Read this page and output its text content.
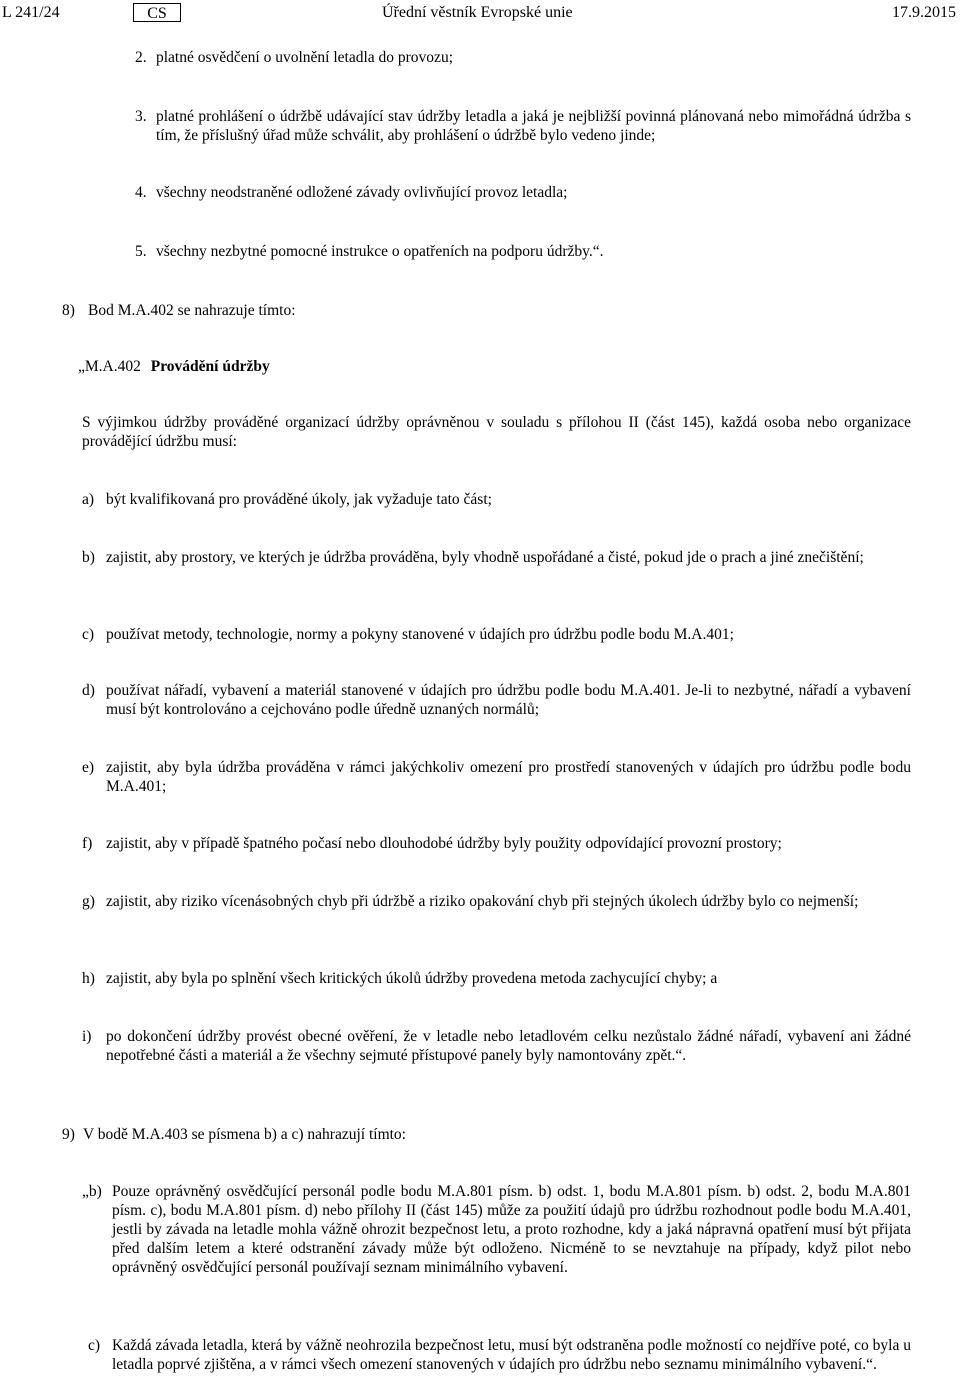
L 241/24	CS	Úřední věstník Evropské unie	17.9.2015
2. platné osvědčení o uvolnění letadla do provozu;
3. platné prohlášení o údržbě udávající stav údržby letadla a jaká je nejbližší povinná plánovaná nebo mimořádná údržba s tím, že příslušný úřad může schválit, aby prohlášení o údržbě bylo vedeno jinde;
4. všechny neodstraněné odložené závady ovlivňující provoz letadla;
5. všechny nezbytné pomocné instrukce o opatřeních na podporu údržby.“.
8) Bod M.A.402 se nahrazuje tímto:
„M.A.402 Provádění údržby
S výjimkou údržby prováděné organizací údržby oprávněnou v souladu s přílohou II (část 145), každá osoba nebo organizace provádějící údržbu musí:
a) být kvalifikovaná pro prováděné úkoly, jak vyžaduje tato část;
b) zajistit, aby prostory, ve kterých je údržba prováděna, byly vhodně uspořádané a čisté, pokud jde o prach a jiné znečištění;
c) používat metody, technologie, normy a pokyny stanovené v údajích pro údržbu podle bodu M.A.401;
d) používat nářadí, vybavení a materiál stanovené v údajích pro údržbu podle bodu M.A.401. Je-li to nezbytné, nářadí a vybavení musí být kontrolováno a cejchováno podle úředně uznaných normálů;
e) zajistit, aby byla údržba prováděna v rámci jakýchkoliv omezení pro prostředí stanovených v údajích pro údržbu podle bodu M.A.401;
f) zajistit, aby v případě špatného počasí nebo dlouhodobé údržby byly použity odpovídající provozní prostory;
g) zajistit, aby riziko vícenásobných chyb při údržbě a riziko opakování chyb při stejných úkolech údržby bylo co nejmenší;
h) zajistit, aby byla po splnění všech kritických úkolů údržby provedena metoda zachycující chyby; a
i) po dokončení údržby provést obecné ověření, že v letadle nebo letadlovém celku nezůstalo žádné nářadí, vybavení ani žádné nepotřebné části a materiál a že všechny sejmuté přístupové panely byly namontovány zpět.“.
9) V bodě M.A.403 se písmena b) a c) nahrazují tímto:
„b) Pouze oprávněný osvědčující personál podle bodu M.A.801 písm. b) odst. 1, bodu M.A.801 písm. b) odst. 2, bodu M.A.801 písm. c), bodu M.A.801 písm. d) nebo přílohy II (část 145) může za použití údajů pro údržbu rozhodnout podle bodu M.A.401, jestli by závada na letadle mohla vážně ohrozit bezpečnost letu, a proto rozhodne, kdy a jaká nápravná opatření musí být přijata před dalším letem a které odstranění závady může být odloženo. Nicméně to se nevztahuje na případy, když pilot nebo oprávněný osvědčující personál používají seznam minimálního vybavení.
c) Každá závada letadla, která by vážně neohrozila bezpečnost letu, musí být odstraněna podle možností co nejdříve poté, co byla u letadla poprvé zjištěna, a v rámci všech omezení stanovených v údajích pro údržbu nebo seznamu minimálního vybavení.“.
